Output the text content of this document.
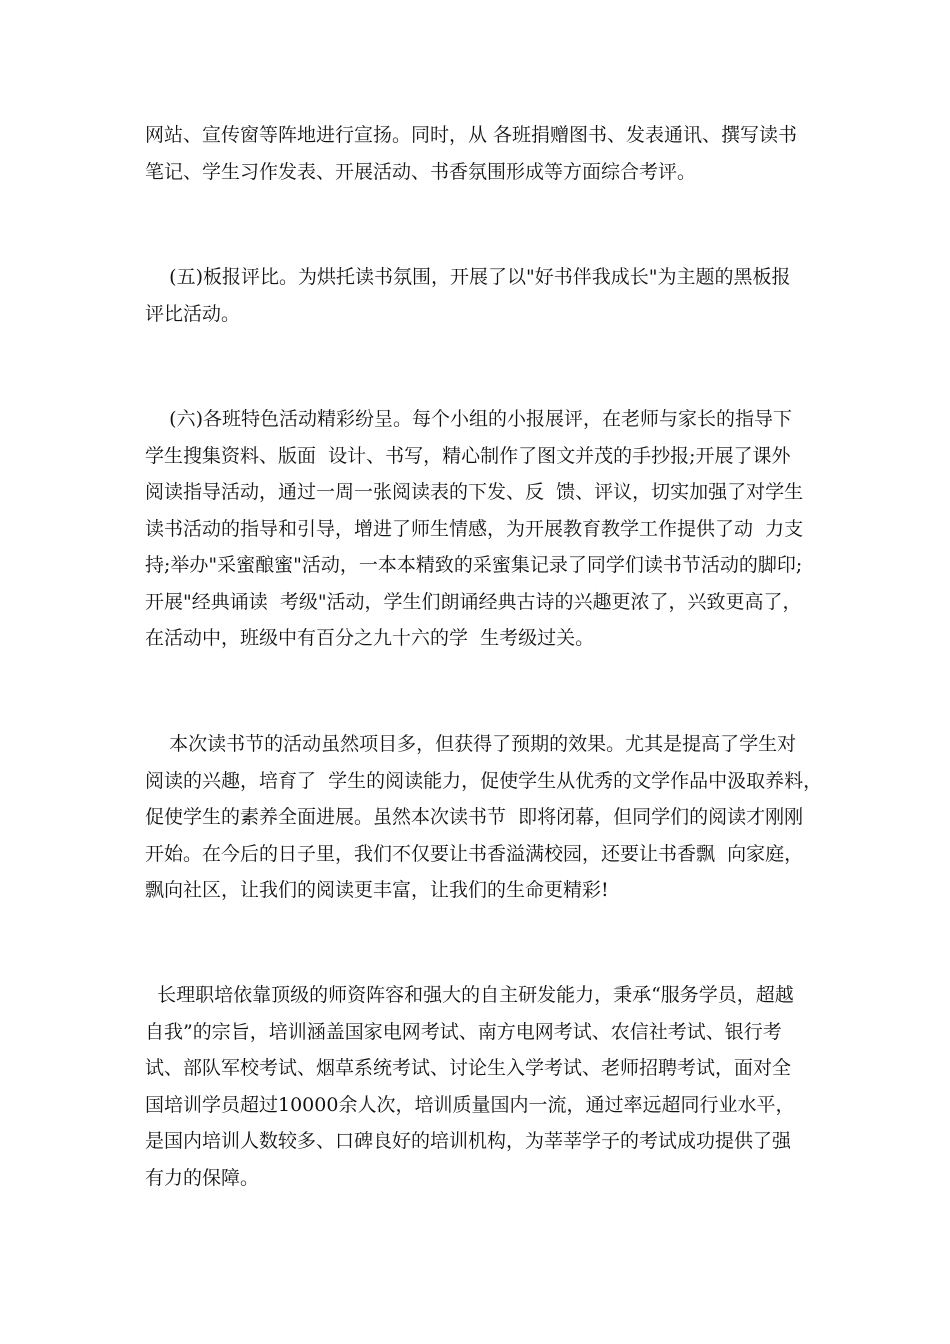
网站、宣传窗等阵地进行宣扬。同时，从 各班捐赠图书、发表通讯、撰写读书
笔记、学生习作发表、开展活动、书香氛围形成等方面综合考评。
(五)板报评比。为烘托读书氛围，开展了以"好书伴我成长"为主题的黑板报
评比活动。
(六)各班特色活动精彩纷呈。每个小组的小报展评，在老师与家长的指导下
学生搜集资料、版面  设计、书写，精心制作了图文并茂的手抄报;开展了课外
阅读指导活动，通过一周一张阅读表的下发、反  馈、评议，切实加强了对学生
读书活动的指导和引导，增进了师生情感，为开展教育教学工作提供了动  力支
持;举办"采蜜酿蜜"活动，一本本精致的采蜜集记录了同学们读书节活动的脚印;
开展"经典诵读  考级"活动，学生们朗诵经典古诗的兴趣更浓了，兴致更高了，
在活动中，班级中有百分之九十六的学  生考级过关。
本次读书节的活动虽然项目多，但获得了预期的效果。尤其是提高了学生对
阅读的兴趣，培育了  学生的阅读能力，促使学生从优秀的文学作品中汲取养料，
促使学生的素养全面进展。虽然本次读书节  即将闭幕，但同学们的阅读才刚刚
开始。在今后的日子里，我们不仅要让书香溢满校园，还要让书香飘  向家庭，
飘向社区，让我们的阅读更丰富，让我们的生命更精彩!
长理职培依靠顶级的师资阵容和强大的自主研发能力，秉承“服务学员，超越
自我”的宗旨，培训涵盖国家电网考试、南方电网考试、农信社考试、银行考
试、部队军校考试、烟草系统考试、讨论生入学考试、老师招聘考试，面对全
国培训学员超过10000余人次，培训质量国内一流，通过率远超同行业水平，
是国内培训人数较多、口碑良好的培训机构，为莘莘学子的考试成功提供了强
有力的保障。
